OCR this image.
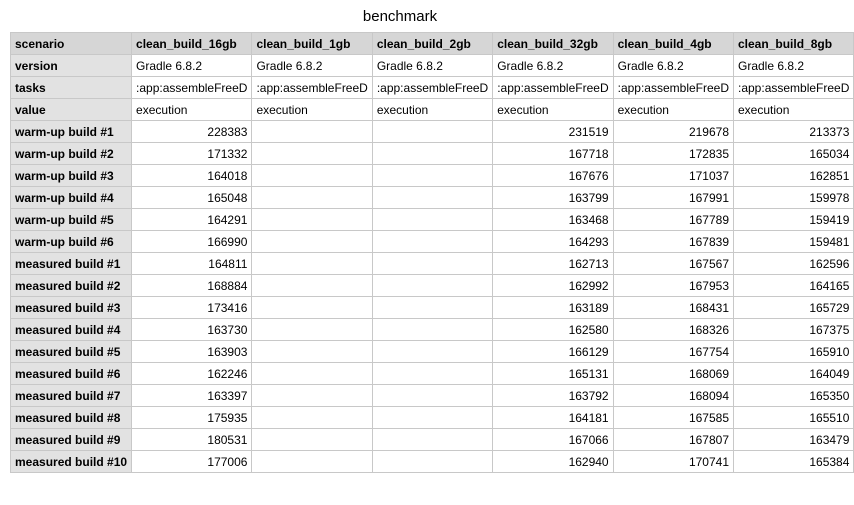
benchmark
scenario	clean_build_16gb	clean_build_1gb	clean_build_2gb	clean_build_32gb	clean_build_4gb	clean_build_8gb
version	Gradle 6.8.2	Gradle 6.8.2	Gradle 6.8.2	Gradle 6.8.2	Gradle 6.8.2	Gradle 6.8.2
tasks	:app:assembleFreeD	:app:assembleFreeD	:app:assembleFreeD	:app:assembleFreeD	:app:assembleFreeD	:app:assembleFreeD
value	execution	execution	execution	execution	execution	execution
warm-up build #1	228383			231519	219678	213373
warm-up build #2	171332			167718	172835	165034
warm-up build #3	164018			167676	171037	162851
warm-up build #4	165048			163799	167991	159978
warm-up build #5	164291			163468	167789	159419
warm-up build #6	166990			164293	167839	159481
measured build #1	164811			162713	167567	162596
measured build #2	168884			162992	167953	164165
measured build #3	173416			163189	168431	165729
measured build #4	163730			162580	168326	167375
measured build #5	163903			166129	167754	165910
measured build #6	162246			165131	168069	164049
measured build #7	163397			163792	168094	165350
measured build #8	175935			164181	167585	165510
measured build #9	180531			167066	167807	163479
measured build #10	177006			162940	170741	165384
